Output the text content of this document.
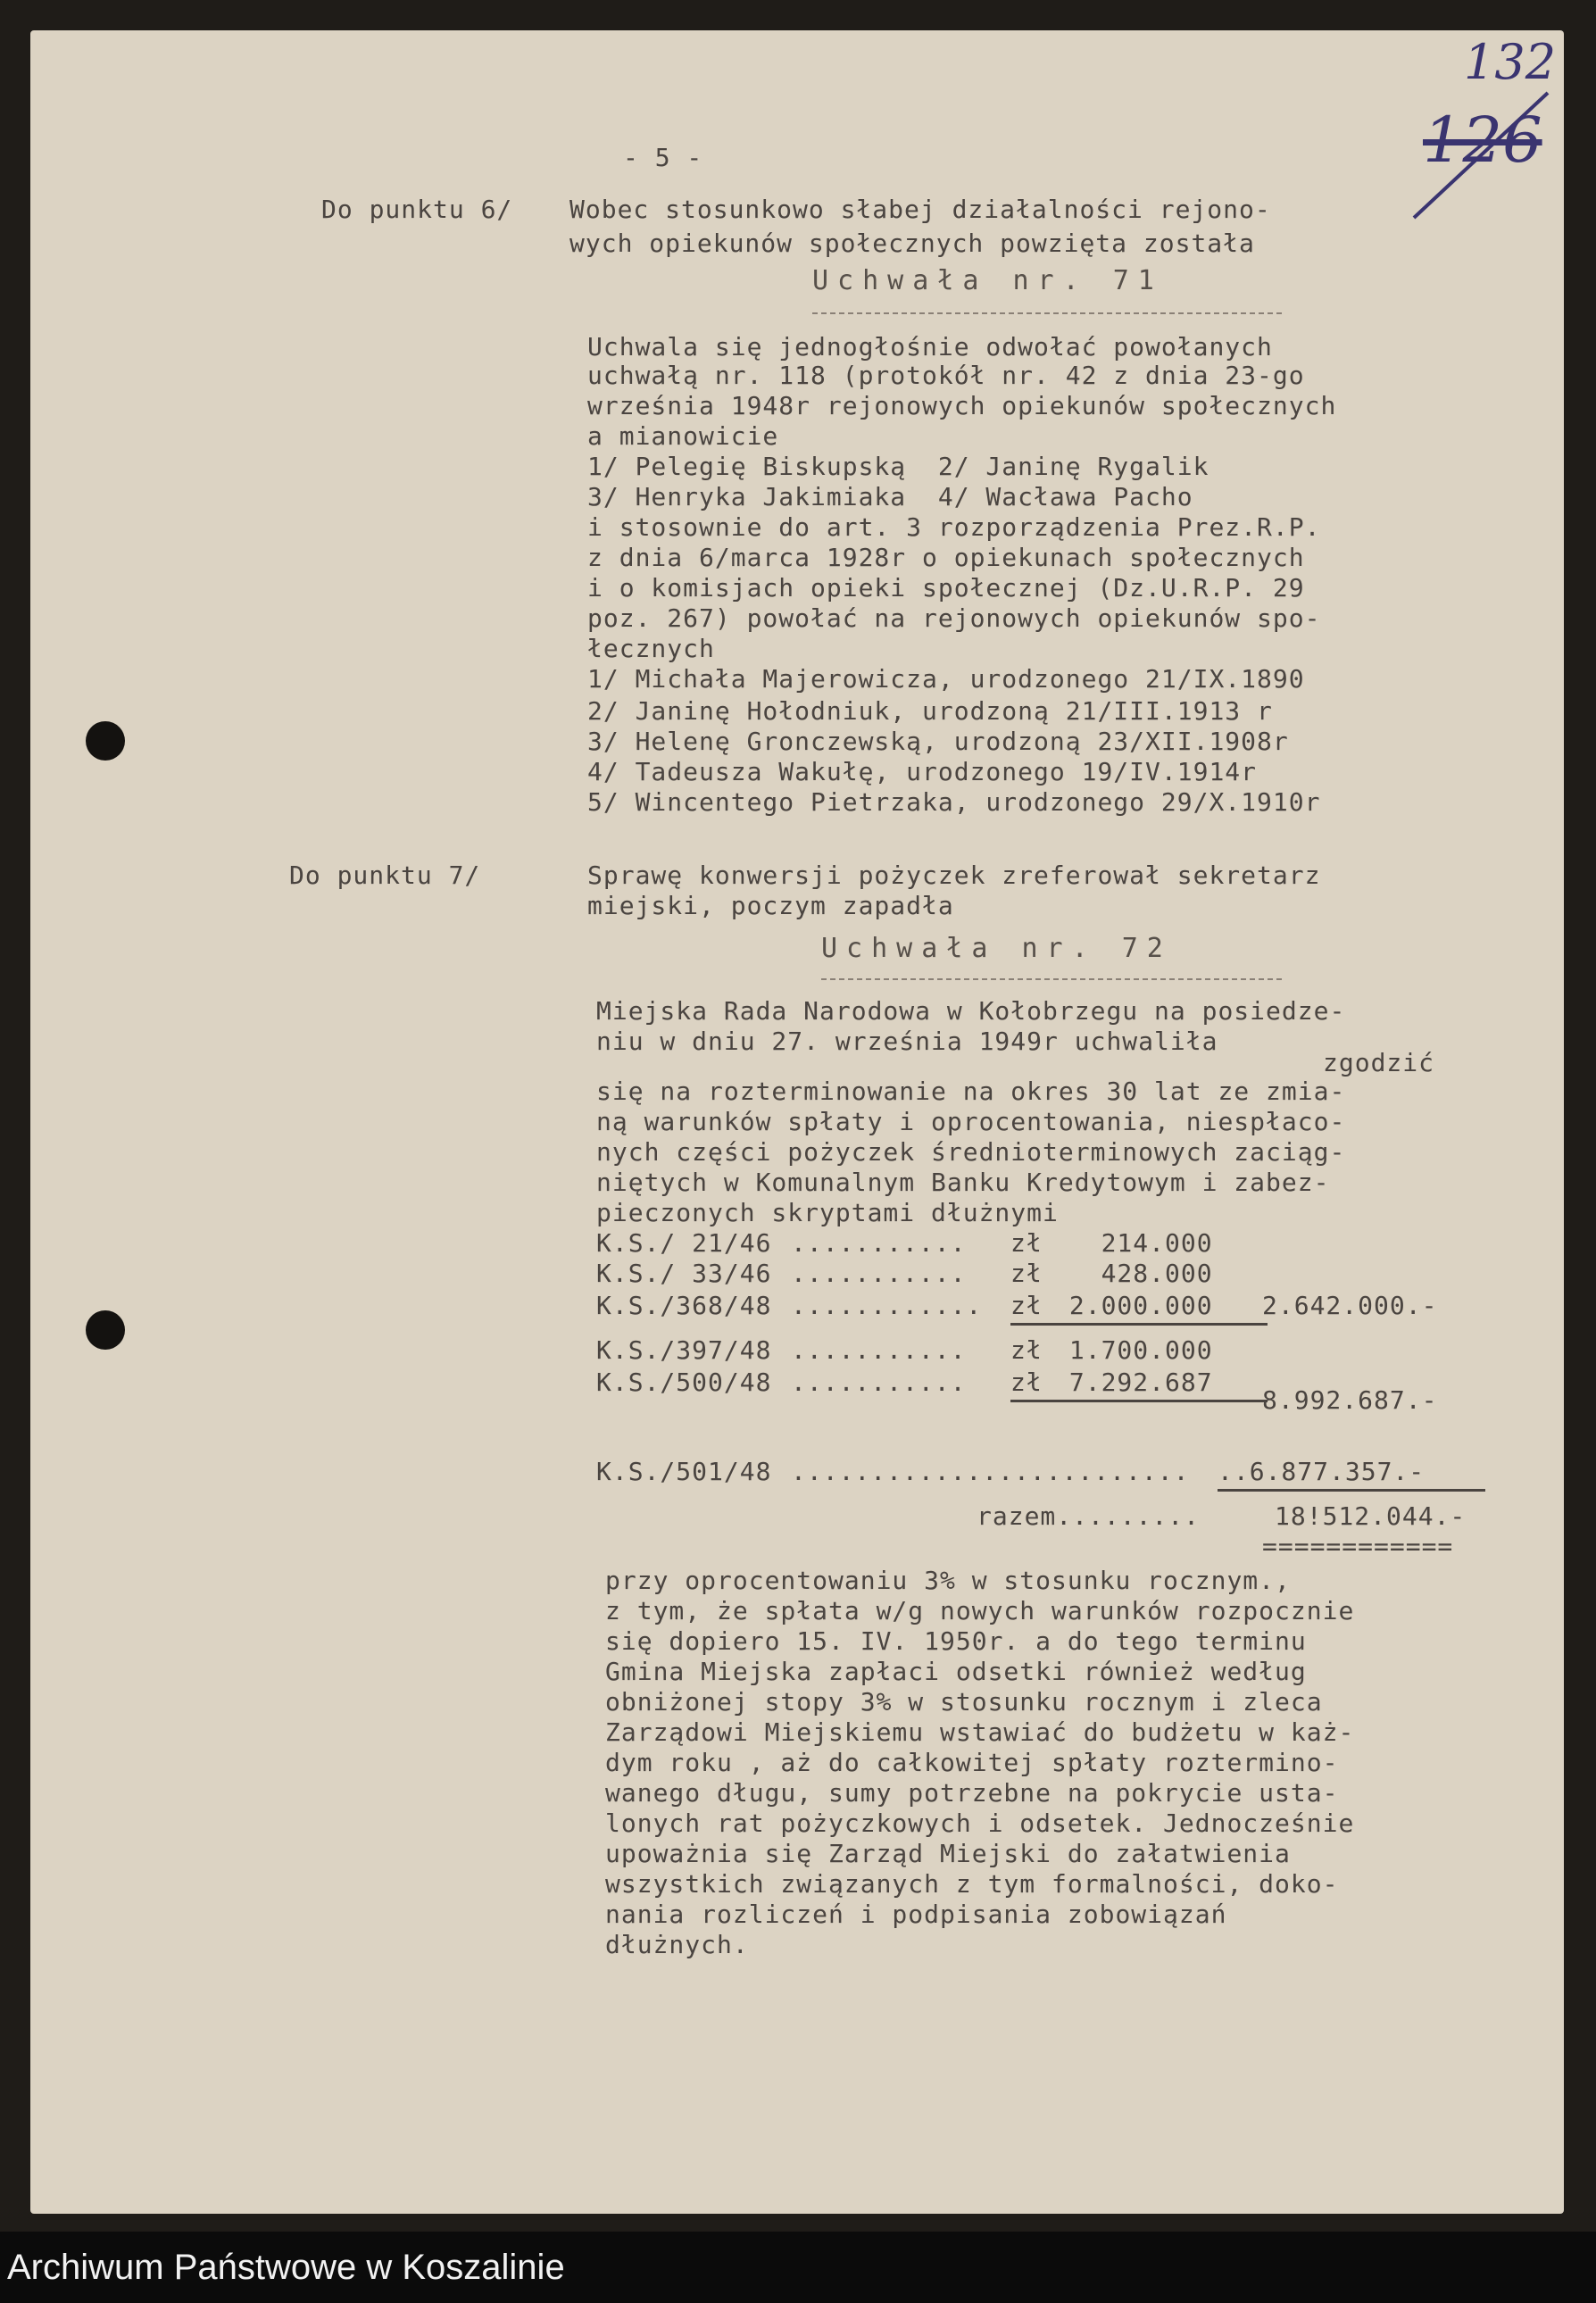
132
126
- 5 -
Do punktu 6/ Wobec stosunkowo słabej działalności rejono-
wych opiekunów społecznych powzięta została
Uchwała nr. 71
Uchwala się jednogłośnie odwołać powołanych
uchwałą nr. 118 (protokół nr. 42 z dnia 23-go
września 1948r rejonowych opiekunów społecznych
a mianowicie
1/ Pelegię Biskupską  2/ Janinę Rygalik
3/ Henryka Jakimiaka  4/ Wacława Pacho
i stosownie do art. 3 rozporządzenia Prez.R.P.
z dnia 6/marca 1928r o opiekunach społecznych
i o komisjach opieki społecznej (Dz.U.R.P. 29
poz. 267) powołać na rejonowych opiekunów spo-
łecznych
1/ Michała Majerowicza, urodzonego 21/IX.1890
2/ Janinę Hołodniuk, urodzoną 21/III.1913 r
3/ Helenę Gronczewską, urodzoną 23/XII.1908r
4/ Tadeusza Wakułę, urodzonego 19/IV.1914r
5/ Wincentego Pietrzaka, urodzonego 29/X.1910r
Do punktu 7/	Sprawę konwersji pożyczek zreferował sekretarz
miejski, poczym zapadła
Uchwała nr. 72
Miejska Rada Narodowa w Kołobrzegu na posiedze-
niu w dniu 27. września 1949r uchwaliła
zgodzić
się na rozterminowanie na okres 30 lat ze zmia-
ną warunków spłaty i oprocentowania, niespłaco-
nych części pożyczek średnioterminowych zaciąg-
niętych w Komunalnym Banku Kredytowym i zabez-
pieczonych skryptami dłużnymi
K.S./ 21/46 ........... zł 214.000
K.S./ 33/46 ........... zł 428.000
K.S./368/48 ............ zł 2.000.000 2.642.000.-
K.S./397/48 ........... zł 1.700.000
K.S./500/48 ........... zł 7.292.687
8.992.687.-
K.S./501/48 ......................... ..6.877.357.-
razem.........	18!512.044.-
============
przy oprocentowaniu 3% w stosunku rocznym.,
z tym, że spłata w/g nowych warunków rozpocznie
się dopiero 15. IV. 1950r. a do tego terminu
Gmina Miejska zapłaci odsetki również według
obniżonej stopy 3% w stosunku rocznym i zleca
Zarządowi Miejskiemu wstawiać do budżetu w każ-
dym roku , aż do całkowitej spłaty roztermino-
wanego długu, sumy potrzebne na pokrycie usta-
lonych rat pożyczkowych i odsetek. Jednocześnie
upoważnia się Zarząd Miejski do załatwienia
wszystkich związanych z tym formalności, doko-
nania rozliczeń i podpisania zobowiązań
dłużnych.
Archiwum Państwowe w Koszalinie
